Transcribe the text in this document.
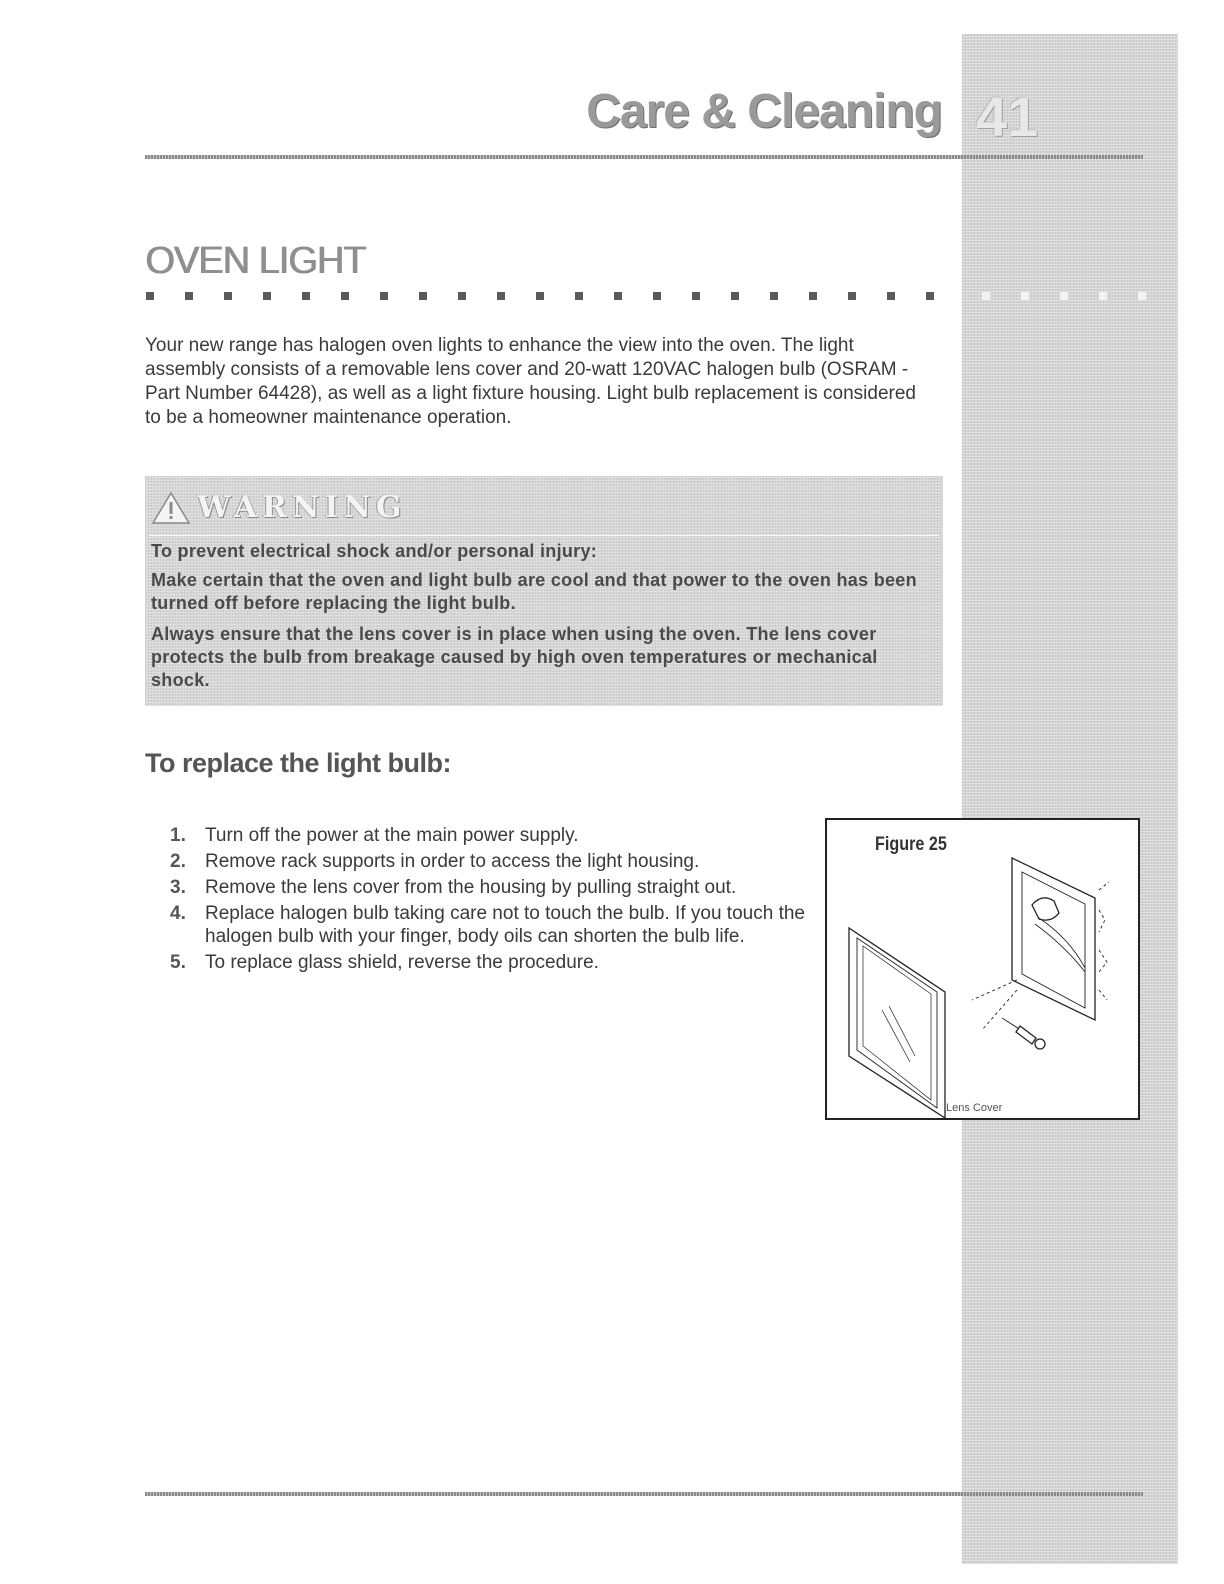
Care & Cleaning 41
OVEN LIGHT

Your new range has halogen oven lights to enhance the view into the oven. The light assembly consists of a removable lens cover and 20-watt 120VAC halogen bulb (OSRAM - Part Number 64428), as well as a light fixture housing. Light bulb replacement is considered to be a homeowner maintenance operation.

WARNING

To prevent electrical shock and/or personal injury:

Make certain that the oven and light bulb are cool and that power to the oven has been turned off before replacing the light bulb.

Always ensure that the lens cover is in place when using the oven. The lens cover protects the bulb from breakage caused by high oven temperatures or mechanical shock.

To replace the light bulb:
1.	Turn off the power at the main power supply.
2.	Remove rack supports in order to access the light housing.
3.	Remove the lens cover from the housing by pulling straight out.
4.	Replace halogen bulb taking care not to touch the bulb. If you touch the halogen bulb with your finger, body oils can shorten the bulb life.
5.	To replace glass shield, reverse the procedure.
Figure 25
Lens Cover
